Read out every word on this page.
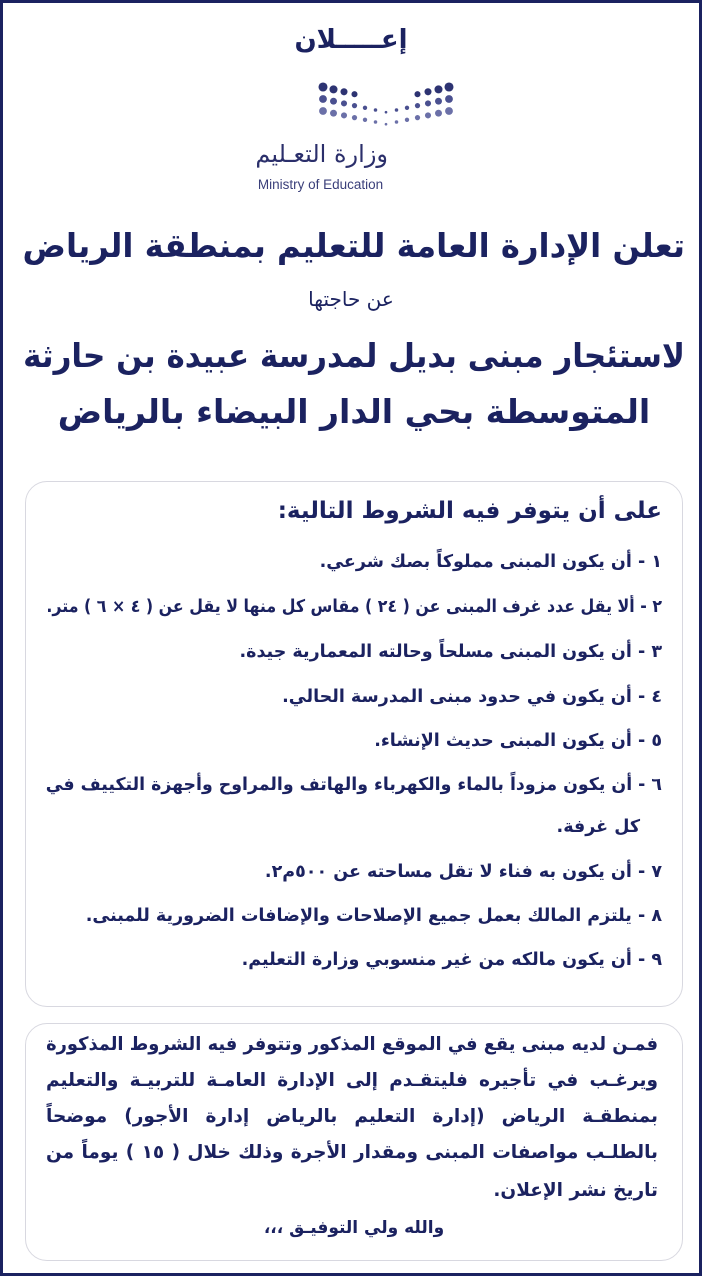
إعـــــلان
وزارة التعـليم
Ministry of Education
تعلن الإدارة العامة للتعليم بمنطقة الرياض
عن حاجتها
لاستئجار مبنى بديل لمدرسة عبيدة بن حارثة
المتوسطة بحي الدار البيضاء بالرياض
على أن يتوفر فيه الشروط التالية:
١ - أن يكون المبنى مملوكاً بصك شرعي.
٢ - ألا يقل عدد غرف المبنى عن ( ٢٤ ) مقاس كل منها لا يقل عن ( ٤ × ٦ ) متر.
٣ - أن يكون المبنى مسلحاً وحالته المعمارية جيدة.
٤ - أن يكون في حدود مبنى المدرسة الحالي.
٥ - أن يكون المبنى حديث الإنشاء.
٦ - أن يكون مزوداً بالماء والكهرباء والهاتف والمراوح وأجهزة التكييف في
كل غرفة.
٧ - أن يكون به فناء لا تقل مساحته عن ٥٠٠م٢.
٨ - يلتزم المالك بعمل جميع الإصلاحات والإضافات الضرورية للمبنى.
٩ - أن يكون مالكه من غير منسوبي وزارة التعليم.
فمـن لديه مبنى يقع في الموقع المذكور وتتوفر فيه الشروط المذكورة
ويرغـب في تأجيره فليتقـدم إلى الإدارة العامـة للتربيـة والتعليم
بمنطقـة الرياض (إدارة التعليم بالرياض إدارة الأجور) موضحاً
بالطلـب مواصفات المبنى ومقدار الأجرة وذلك خلال ( ١٥ ) يوماً من
تاريخ نشر الإعلان.
والله ولي التوفيـق ،،،
